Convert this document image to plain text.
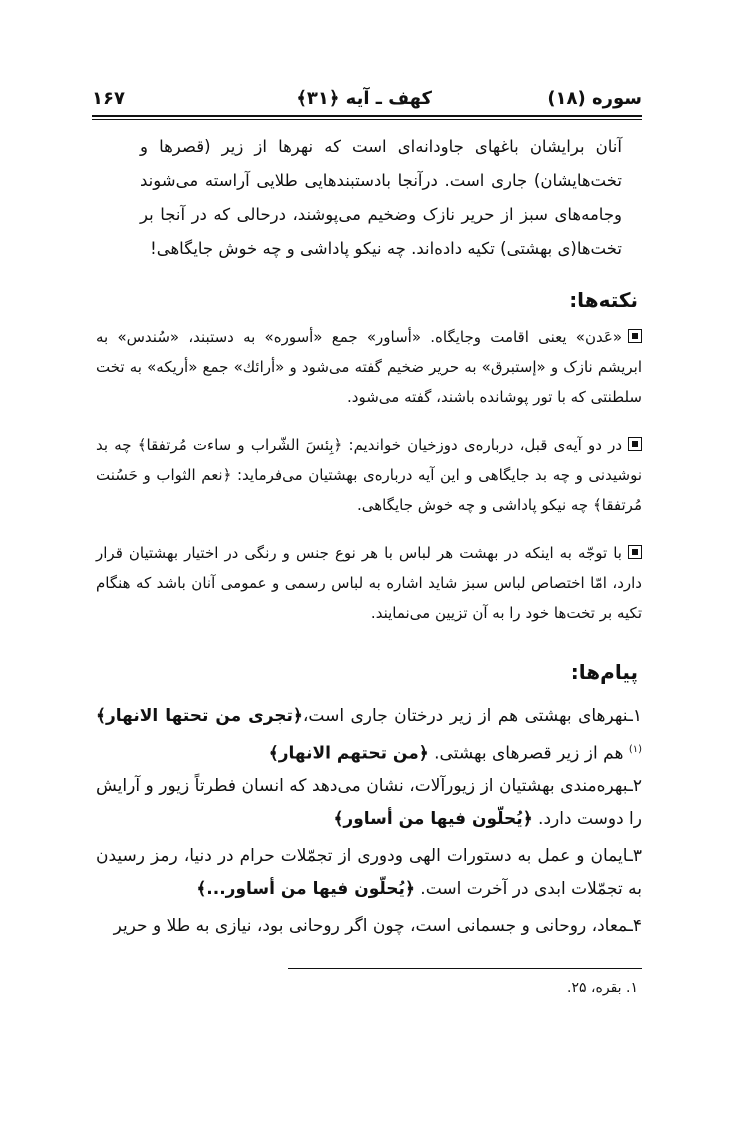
سوره (۱۸)
کهف ـ آیه ﴿۳۱﴾
۱۶۷
آنان برایشان باغهای جاودانه‌ای است که نهرها از زیر (قصرها و تخت‌هایشان) جاری است. درآنجا بادستبندهایی طلایی آراسته می‌شوند وجامه‌های سبز از حریر نازک وضخیم می‌پوشند، درحالی که در آنجا بر تخت‌ها(ی بهشتی) تکیه داده‌اند. چه نیکو پاداشی و چه خوش جایگاهی!
نکته‌ها:
«عَدن» یعنی اقامت وجایگاه. «أساور» جمع «أسوره» به دستبند، «سُندس» به ابریشم نازک و «إستبرق» به حریر ضخیم گفته می‌شود و «أرائك» جمع «أریكه» به تخت سلطنتی که با تور پوشانده باشند، گفته می‌شود.
در دو آیه‌ی قبل، درباره‌ی دوزخیان خواندیم: ﴿بِئسَ الشّراب و ساءت مُرتفقا﴾ چه بد نوشیدنی و چه بد جایگاهی و این آیه درباره‌ی بهشتیان می‌فرماید: ﴿نعم الثواب و حَسُنت مُرتفقا﴾ چه نیکو پاداشی و چه خوش جایگاهی.
با توجّه به اینکه در بهشت هر لباس با هر نوع جنس و رنگی در اختیار بهشتیان قرار دارد، امّا اختصاص لباس سبز شاید اشاره به لباس رسمی و عمومی آنان باشد که هنگام تکیه بر تخت‌ها خود را به آن تزیین می‌نمایند.
پیام‌ها:
۱ـنهرهای بهشتی هم از زیر درختان جاری است،﴿تجری من تحتها الانهار﴾$^{(۱)}$ هم از زیر قصرهای بهشتی. ﴿من تحتهم الانهار﴾
۲ـبهره‌مندی بهشتیان از زیورآلات، نشان می‌دهد که انسان فطرتاً زیور و آرایش را دوست دارد. ﴿یُحلّون فیها من أساور﴾
۳ـایمان و عمل به دستورات الهی ودوری از تجمّلات حرام در دنیا، رمز رسیدن به تجمّلات ابدی در آخرت است. ﴿یُحلّون فیها من أساور...﴾
۴ـمعاد، روحانی و جسمانی است، چون اگر روحانی بود، نیازی به طلا و حریر
۱. بقره، ۲۵.
